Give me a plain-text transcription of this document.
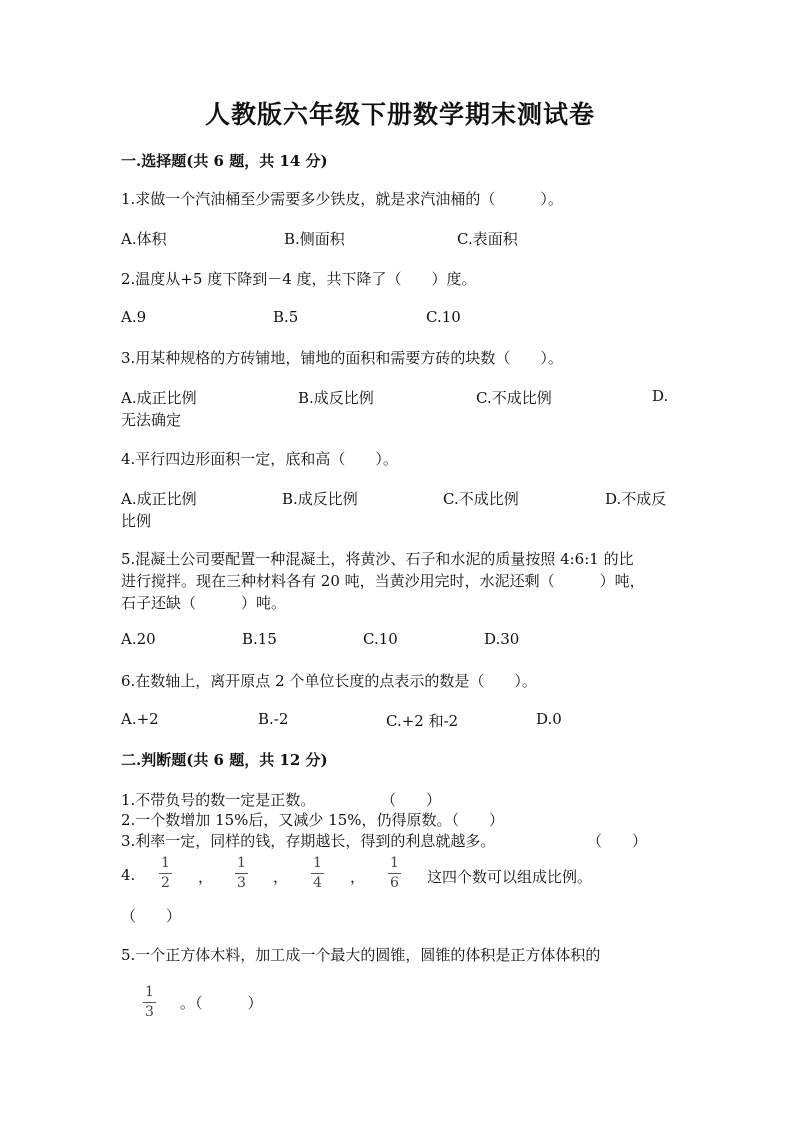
人教版六年级下册数学期末测试卷
一.选择题(共 6 题，共 14 分)
1.求做一个汽油桶至少需要多少铁皮，就是求汽油桶的（　　　）。
A.体积	B.侧面积	C.表面积
2.温度从+5 度下降到－4 度，共下降了（　　）度。
A.9	B.5	C.10
3.用某种规格的方砖铺地，铺地的面积和需要方砖的块数（　　）。
A.成正比例	B.成反比例	C.不成比例	D.
无法确定
4.平行四边形面积一定，底和高（　　）。
A.成正比例	B.成反比例	C.不成比例	D.不成反
比例
5.混凝土公司要配置一种混凝土，将黄沙、石子和水泥的质量按照 4:6:1 的比
进行搅拌。现在三种材料各有 20 吨，当黄沙用完时，水泥还剩（　　　）吨，
石子还缺（　　　）吨。
A.20	B.15	C.10	D.30
6.在数轴上，离开原点 2 个单位长度的点表示的数是（　　）。
A.+2	B.-2	C.+2 和-2	D.0
二.判断题(共 6 题，共 12 分)
1.不带负号的数一定是正数。	（　　）
2.一个数增加 15%后，又减少 15%，仍得原数。（　　）
3.利率一定，同样的钱，存期越长，得到的利息就越多。	（　　）
4.
1
2 ，
1
3 ，
1
4 ，
1
6 这四个数可以组成比例。
（　　）
5.一个正方体木料，加工成一个最大的圆锥，圆锥的体积是正方体体积的
1
3 。（　　　）
